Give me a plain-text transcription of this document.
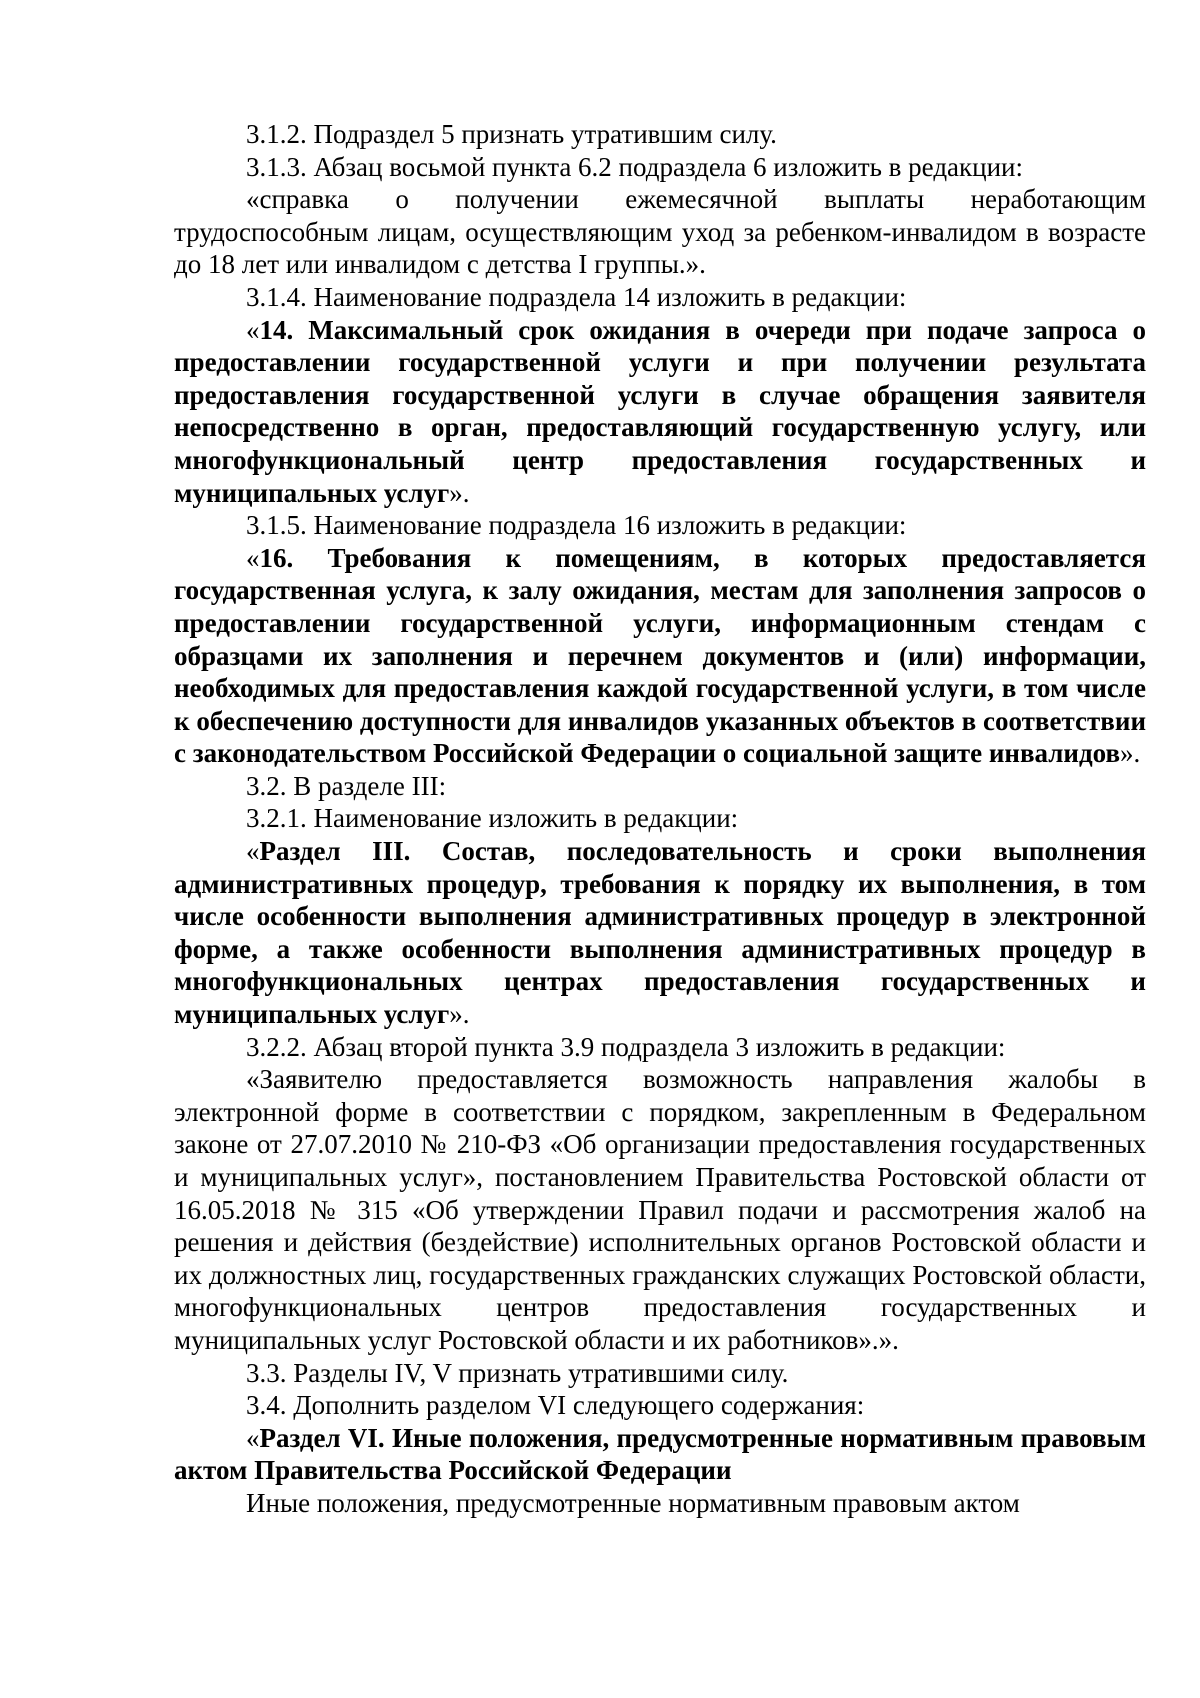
3.1.2. Подраздел 5 признать утратившим силу.

3.1.3. Абзац восьмой пункта 6.2 подраздела 6 изложить в редакции:

«справка о получении ежемесячной выплаты неработающим трудоспособным лицам, осуществляющим уход за ребенком-инвалидом в возрасте до 18 лет или инвалидом с детства I группы.».

3.1.4. Наименование подраздела 14 изложить в редакции:

«14. Максимальный срок ожидания в очереди при подаче запроса о предоставлении государственной услуги и при получении результата предоставления государственной услуги в случае обращения заявителя непосредственно в орган, предоставляющий государственную услугу, или многофункциональный центр предоставления государственных и муниципальных услуг».

3.1.5. Наименование подраздела 16 изложить в редакции:

«16. Требования к помещениям, в которых предоставляется государственная услуга, к залу ожидания, местам для заполнения запросов о предоставлении государственной услуги, информационным стендам с образцами их заполнения и перечнем документов и (или) информации, необходимых для предоставления каждой государственной услуги, в том числе к обеспечению доступности для инвалидов указанных объектов в соответствии с законодательством Российской Федерации о социальной защите инвалидов».

3.2. В разделе III:

3.2.1. Наименование изложить в редакции:

«Раздел III. Состав, последовательность и сроки выполнения административных процедур, требования к порядку их выполнения, в том числе особенности выполнения административных процедур в электронной форме, а также особенности выполнения административных процедур в многофункциональных центрах предоставления государственных и муниципальных услуг».

3.2.2. Абзац второй пункта 3.9 подраздела 3 изложить в редакции:

«Заявителю предоставляется возможность направления жалобы в электронной форме в соответствии с порядком, закрепленным в Федеральном законе от 27.07.2010 № 210-ФЗ «Об организации предоставления государственных и муниципальных услуг», постановлением Правительства Ростовской области от 16.05.2018 № 315 «Об утверждении Правил подачи и рассмотрения жалоб на решения и действия (бездействие) исполнительных органов Ростовской области и их должностных лиц, государственных гражданских служащих Ростовской области, многофункциональных центров предоставления государственных и муниципальных услуг Ростовской области и их работников».».

3.3. Разделы IV, V признать утратившими силу.

3.4. Дополнить разделом VI следующего содержания:

«Раздел VI. Иные положения, предусмотренные нормативным правовым актом Правительства Российской Федерации

Иные положения, предусмотренные нормативным правовым актом
